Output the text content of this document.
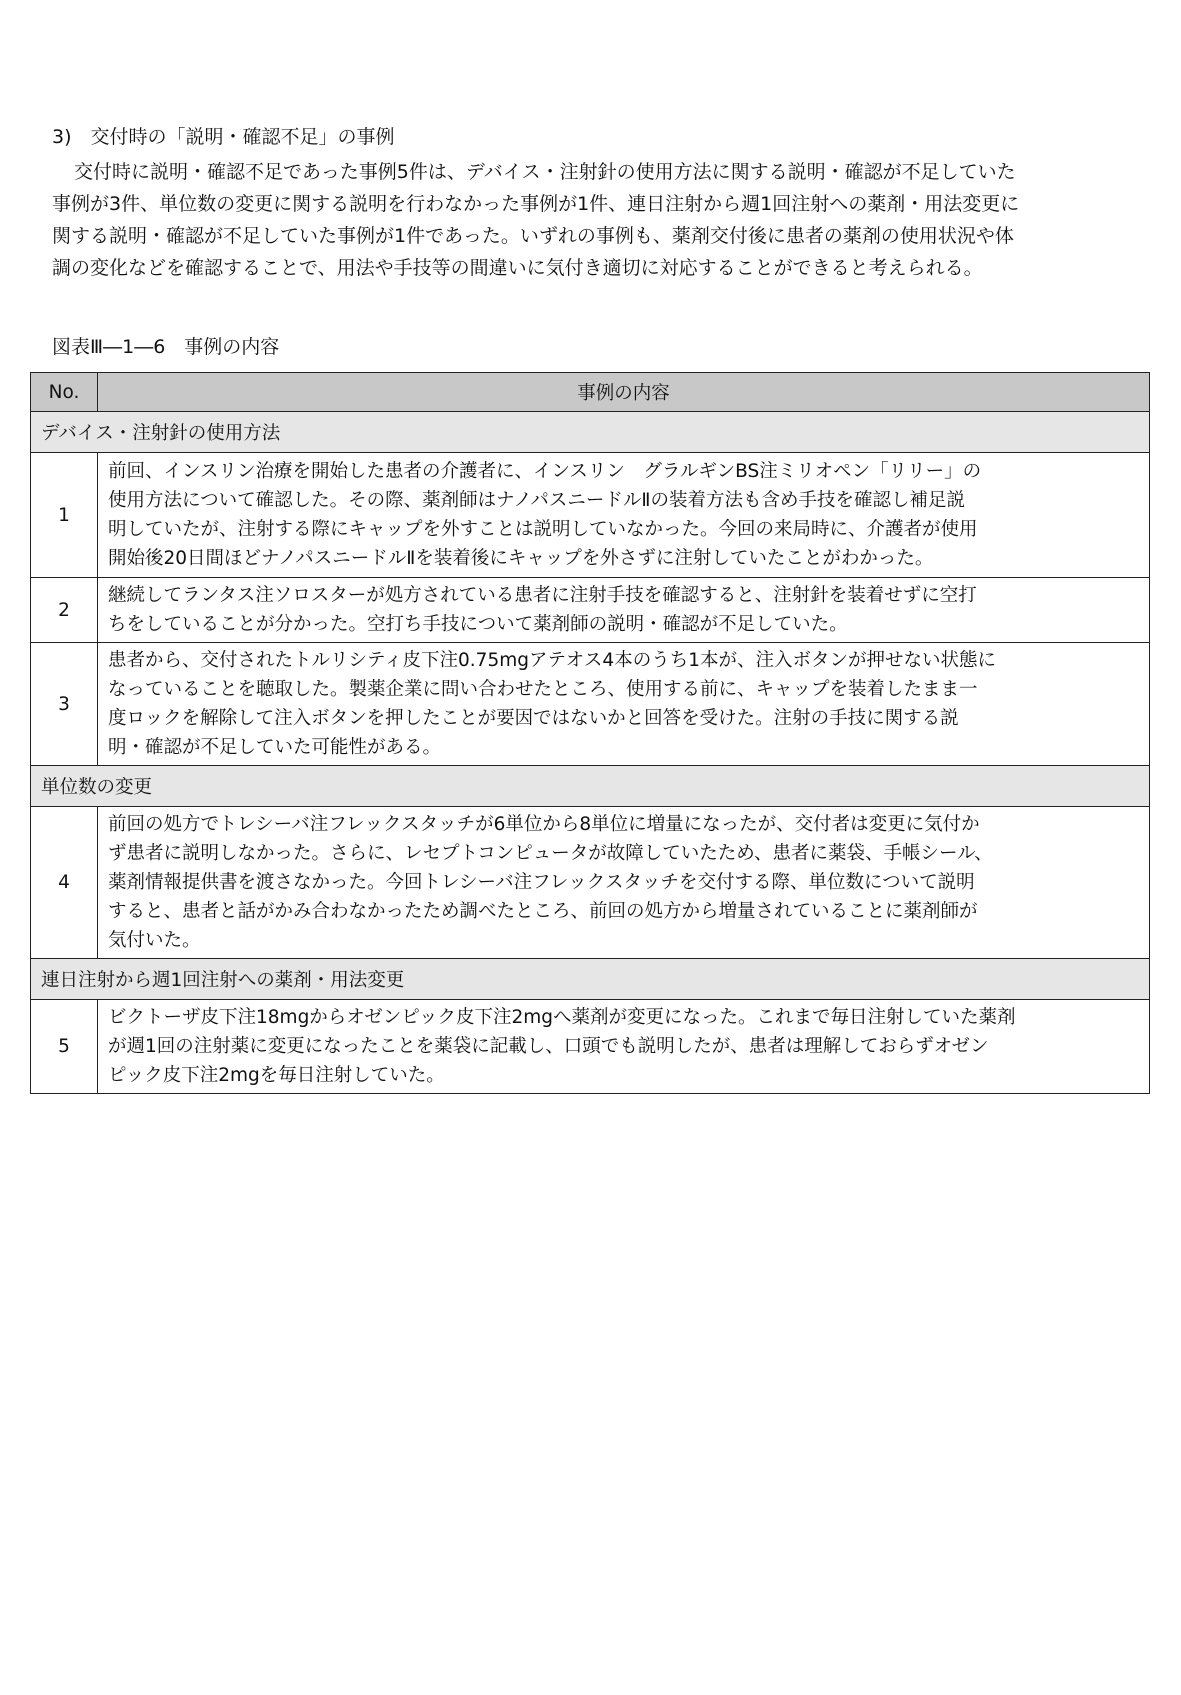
3)　交付時の「説明・確認不足」の事例
交付時に説明・確認不足であった事例5件は、デバイス・注射針の使用方法に関する説明・確認が不足していた
事例が3件、単位数の変更に関する説明を行わなかった事例が1件、連日注射から週1回注射への薬剤・用法変更に
関する説明・確認が不足していた事例が1件であった。いずれの事例も、薬剤交付後に患者の薬剤の使用状況や体
調の変化などを確認することで、用法や手技等の間違いに気付き適切に対応することができると考えられる。
図表Ⅲ―1―6　事例の内容
No.	事例の内容
デバイス・注射針の使用方法	
1	前回、インスリン治療を開始した患者の介護者に、インスリン　グラルギンBS注ミリオペン「リリー」の
使用方法について確認した。その際、薬剤師はナノパスニードルⅡの装着方法も含め手技を確認し補足説
明していたが、注射する際にキャップを外すことは説明していなかった。今回の来局時に、介護者が使用
開始後20日間ほどナノパスニードルⅡを装着後にキャップを外さずに注射していたことがわかった。

2	継続してランタス注ソロスターが処方されている患者に注射手技を確認すると、注射針を装着せずに空打
ちをしていることが分かった。空打ち手技について薬剤師の説明・確認が不足していた。

3	患者から、交付されたトルリシティ皮下注0.75mgアテオス4本のうち1本が、注入ボタンが押せない状態に
なっていることを聴取した。製薬企業に問い合わせたところ、使用する前に、キャップを装着したまま一
度ロックを解除して注入ボタンを押したことが要因ではないかと回答を受けた。注射の手技に関する説
明・確認が不足していた可能性がある。

単位数の変更	
4	前回の処方でトレシーバ注フレックスタッチが6単位から8単位に増量になったが、交付者は変更に気付か
ず患者に説明しなかった。さらに、レセプトコンピュータが故障していたため、患者に薬袋、手帳シール、
薬剤情報提供書を渡さなかった。今回トレシーバ注フレックスタッチを交付する際、単位数について説明
すると、患者と話がかみ合わなかったため調べたところ、前回の処方から増量されていることに薬剤師が
気付いた。

連日注射から週1回注射への薬剤・用法変更	
5	ビクトーザ皮下注18mgからオゼンピック皮下注2mgへ薬剤が変更になった。これまで毎日注射していた薬剤
が週1回の注射薬に変更になったことを薬袋に記載し、口頭でも説明したが、患者は理解しておらずオゼン
ピック皮下注2mgを毎日注射していた。
